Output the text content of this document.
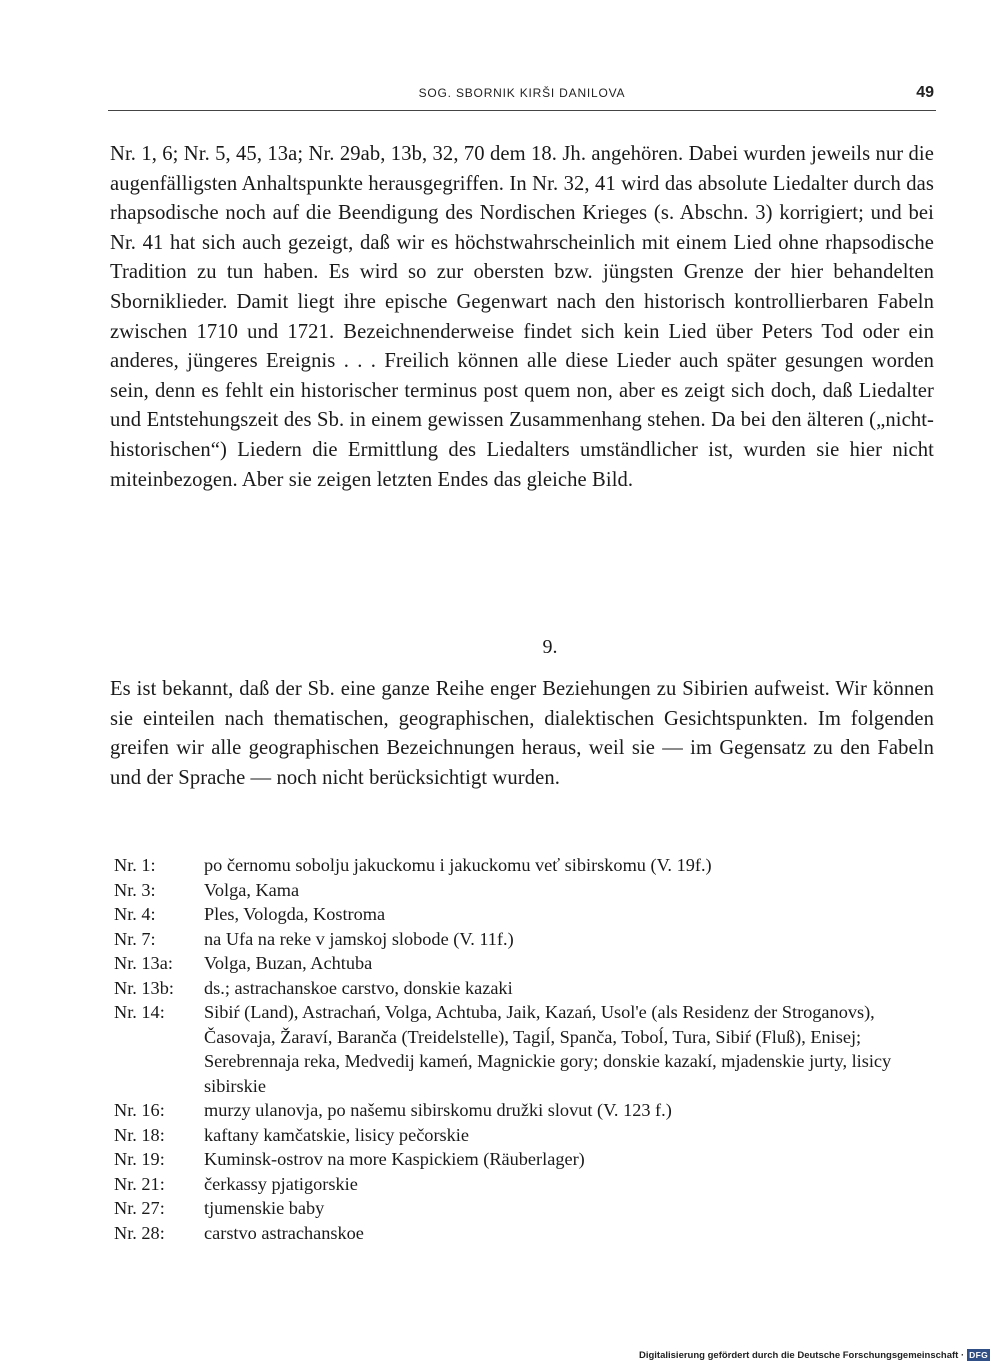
SOG. SBORNIK KIRŠI DANILOVA	49
Nr. 1, 6; Nr. 5, 45, 13a; Nr. 29ab, 13b, 32, 70 dem 18. Jh. angehören. Dabei wurden jeweils nur die augenfälligsten Anhaltspunkte herausgegriffen. In Nr. 32, 41 wird das absolute Liedalter durch das rhapsodische noch auf die Beendigung des Nordischen Krieges (s. Abschn. 3) korrigiert; und bei Nr. 41 hat sich auch gezeigt, daß wir es höchstwahrscheinlich mit einem Lied ohne rhapsodische Tradition zu tun haben. Es wird so zur obersten bzw. jüngsten Grenze der hier behandelten Sborniklieder. Damit liegt ihre epische Gegenwart nach den historisch kontrollierbaren Fabeln zwischen 1710 und 1721. Bezeichnenderweise findet sich kein Lied über Peters Tod oder ein anderes, jüngeres Ereignis . . . Freilich können alle diese Lieder auch später gesungen worden sein, denn es fehlt ein historischer terminus post quem non, aber es zeigt sich doch, daß Liedalter und Entstehungszeit des Sb. in einem gewissen Zusammenhang stehen. Da bei den älteren („nicht-historischen“) Liedern die Ermittlung des Liedalters umständlicher ist, wurden sie hier nicht miteinbezogen. Aber sie zeigen letzten Endes das gleiche Bild.
9.
Es ist bekannt, daß der Sb. eine ganze Reihe enger Beziehungen zu Sibirien aufweist. Wir können sie einteilen nach thematischen, geographischen, dialektischen Gesichtspunkten. Im folgenden greifen wir alle geographischen Bezeichnungen heraus, weil sie — im Gegensatz zu den Fabeln und der Sprache — noch nicht berücksichtigt wurden.
Nr. 1:	po černomu sobolju jakuckomu i jakuckomu veť sibirskomu (V. 19f.)
Nr. 3:	Volga, Kama
Nr. 4:	Ples, Vologda, Kostroma
Nr. 7:	na Ufa na reke v jamskoj slobode (V. 11f.)
Nr. 13a:	Volga, Buzan, Achtuba
Nr. 13b:	ds.; astrachanskoe carstvo, donskie kazaki
Nr. 14:	Sibiŕ (Land), Astrachań, Volga, Achtuba, Jaik, Kazań, Usol'e (als Residenz der Stroganovs), Časovaja, Žaraví, Baranča (Treidelstelle), Tagiĺ, Spanča, Toboĺ, Tura, Sibiŕ (Fluß), Enisej; Serebrennaja reka, Medvedij kameń, Magnickie gory; donskie kazakí, mjadenskie jurty, lisicy sibirskie
Nr. 16:	murzy ulanovja, po našemu sibirskomu družki slovut (V. 123 f.)
Nr. 18:	kaftany kamčatskie, lisicy pečorskie
Nr. 19:	Kuminsk-ostrov na more Kaspickiem (Räuberlager)
Nr. 21:	čerkassy pjatigorskie
Nr. 27:	tjumenskie baby
Nr. 28:	carstvo astrachanskoe
Digitalisierung gefördert durch die Deutsche Forschungsgemeinschaft · DFG
